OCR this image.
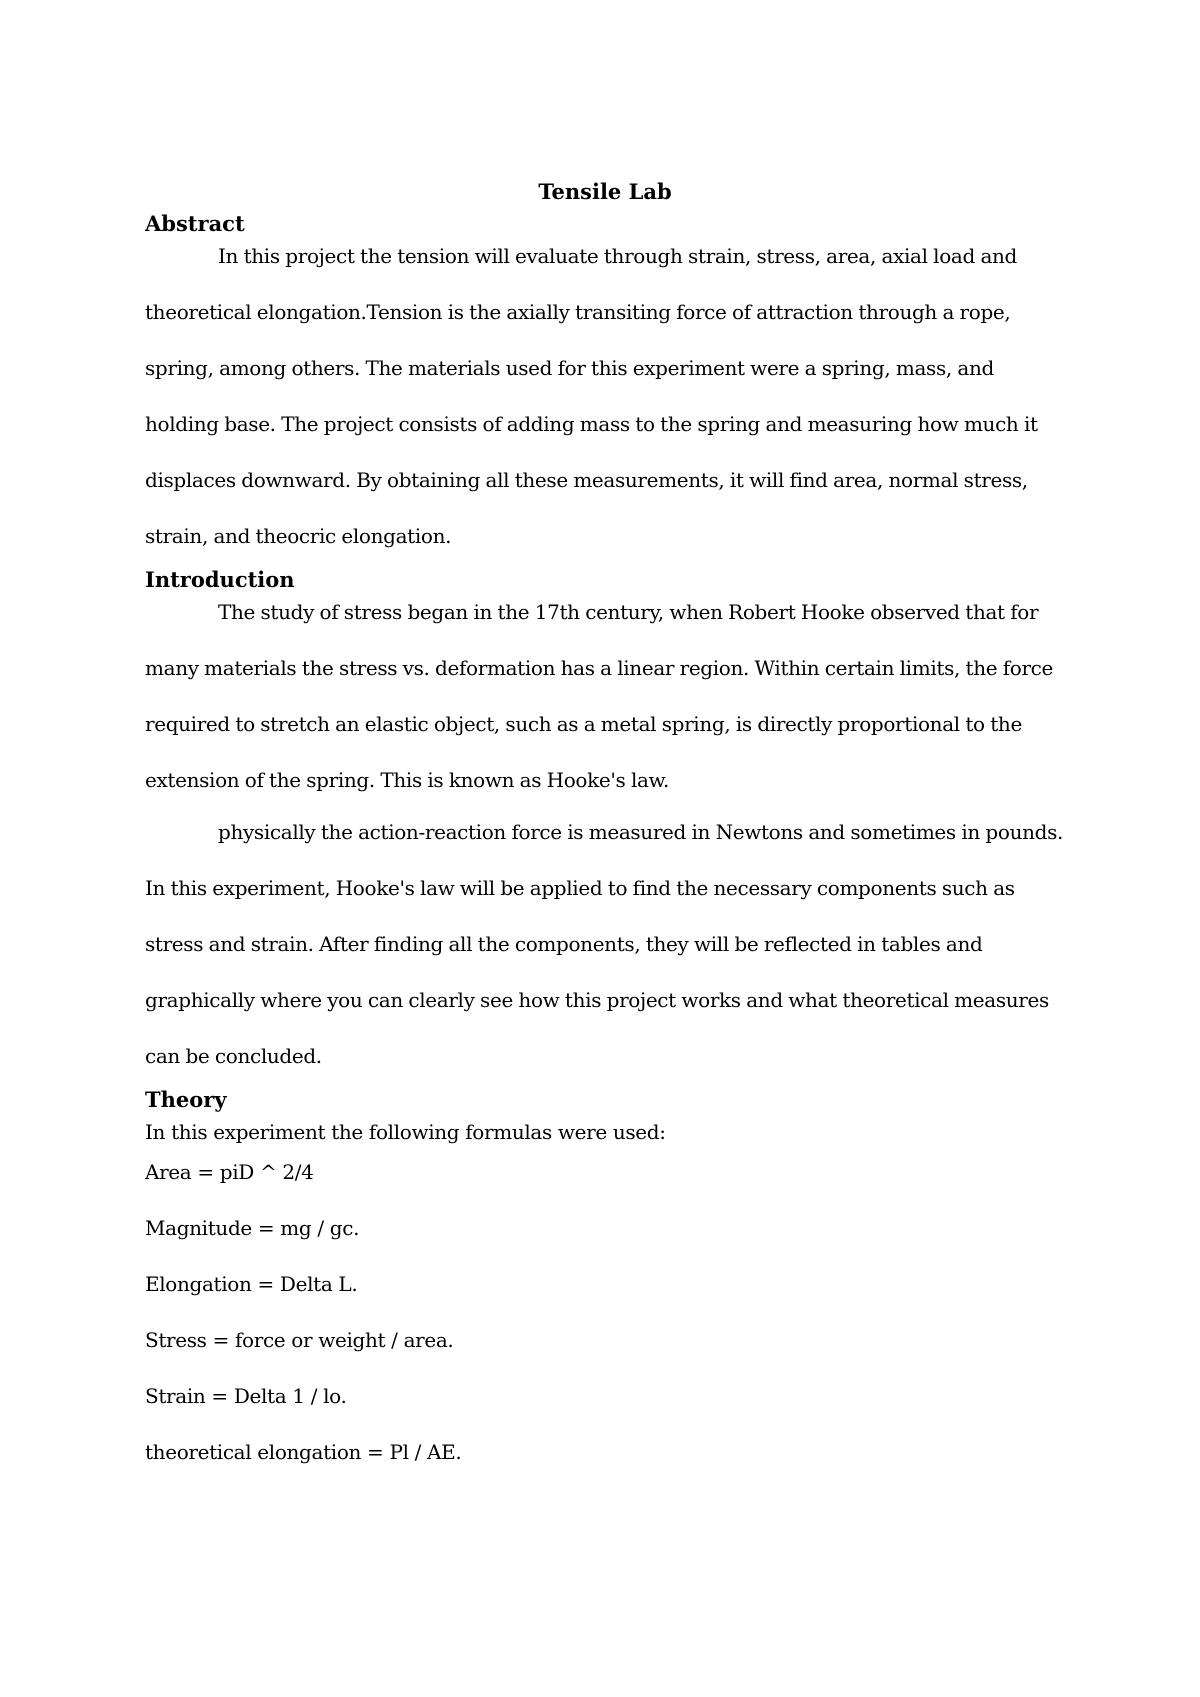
Tensile Lab
Abstract

In this project the tension will evaluate through strain, stress, area, axial load and
theoretical elongation.Tension is the axially transiting force of attraction through a rope,
spring, among others. The materials used for this experiment were a spring, mass, and
holding base. The project consists of adding mass to the spring and measuring how much it
displaces downward. By obtaining all these measurements, it will find area, normal stress,
strain, and theocric elongation.

Introduction

The study of stress began in the 17th century, when Robert Hooke observed that for
many materials the stress vs. deformation has a linear region. Within certain limits, the force
required to stretch an elastic object, such as a metal spring, is directly proportional to the
extension of the spring. This is known as Hooke's law.

physically the action-reaction force is measured in Newtons and sometimes in pounds.
In this experiment, Hooke's law will be applied to find the necessary components such as
stress and strain. After finding all the components, they will be reflected in tables and
graphically where you can clearly see how this project works and what theoretical measures
can be concluded.

Theory

In this experiment the following formulas were used:

Area = piD ^ 2/4
Magnitude = mg / gc.
Elongation = Delta L.
Stress = force or weight / area.
Strain = Delta 1 / lo.
theoretical elongation = Pl / AE.
